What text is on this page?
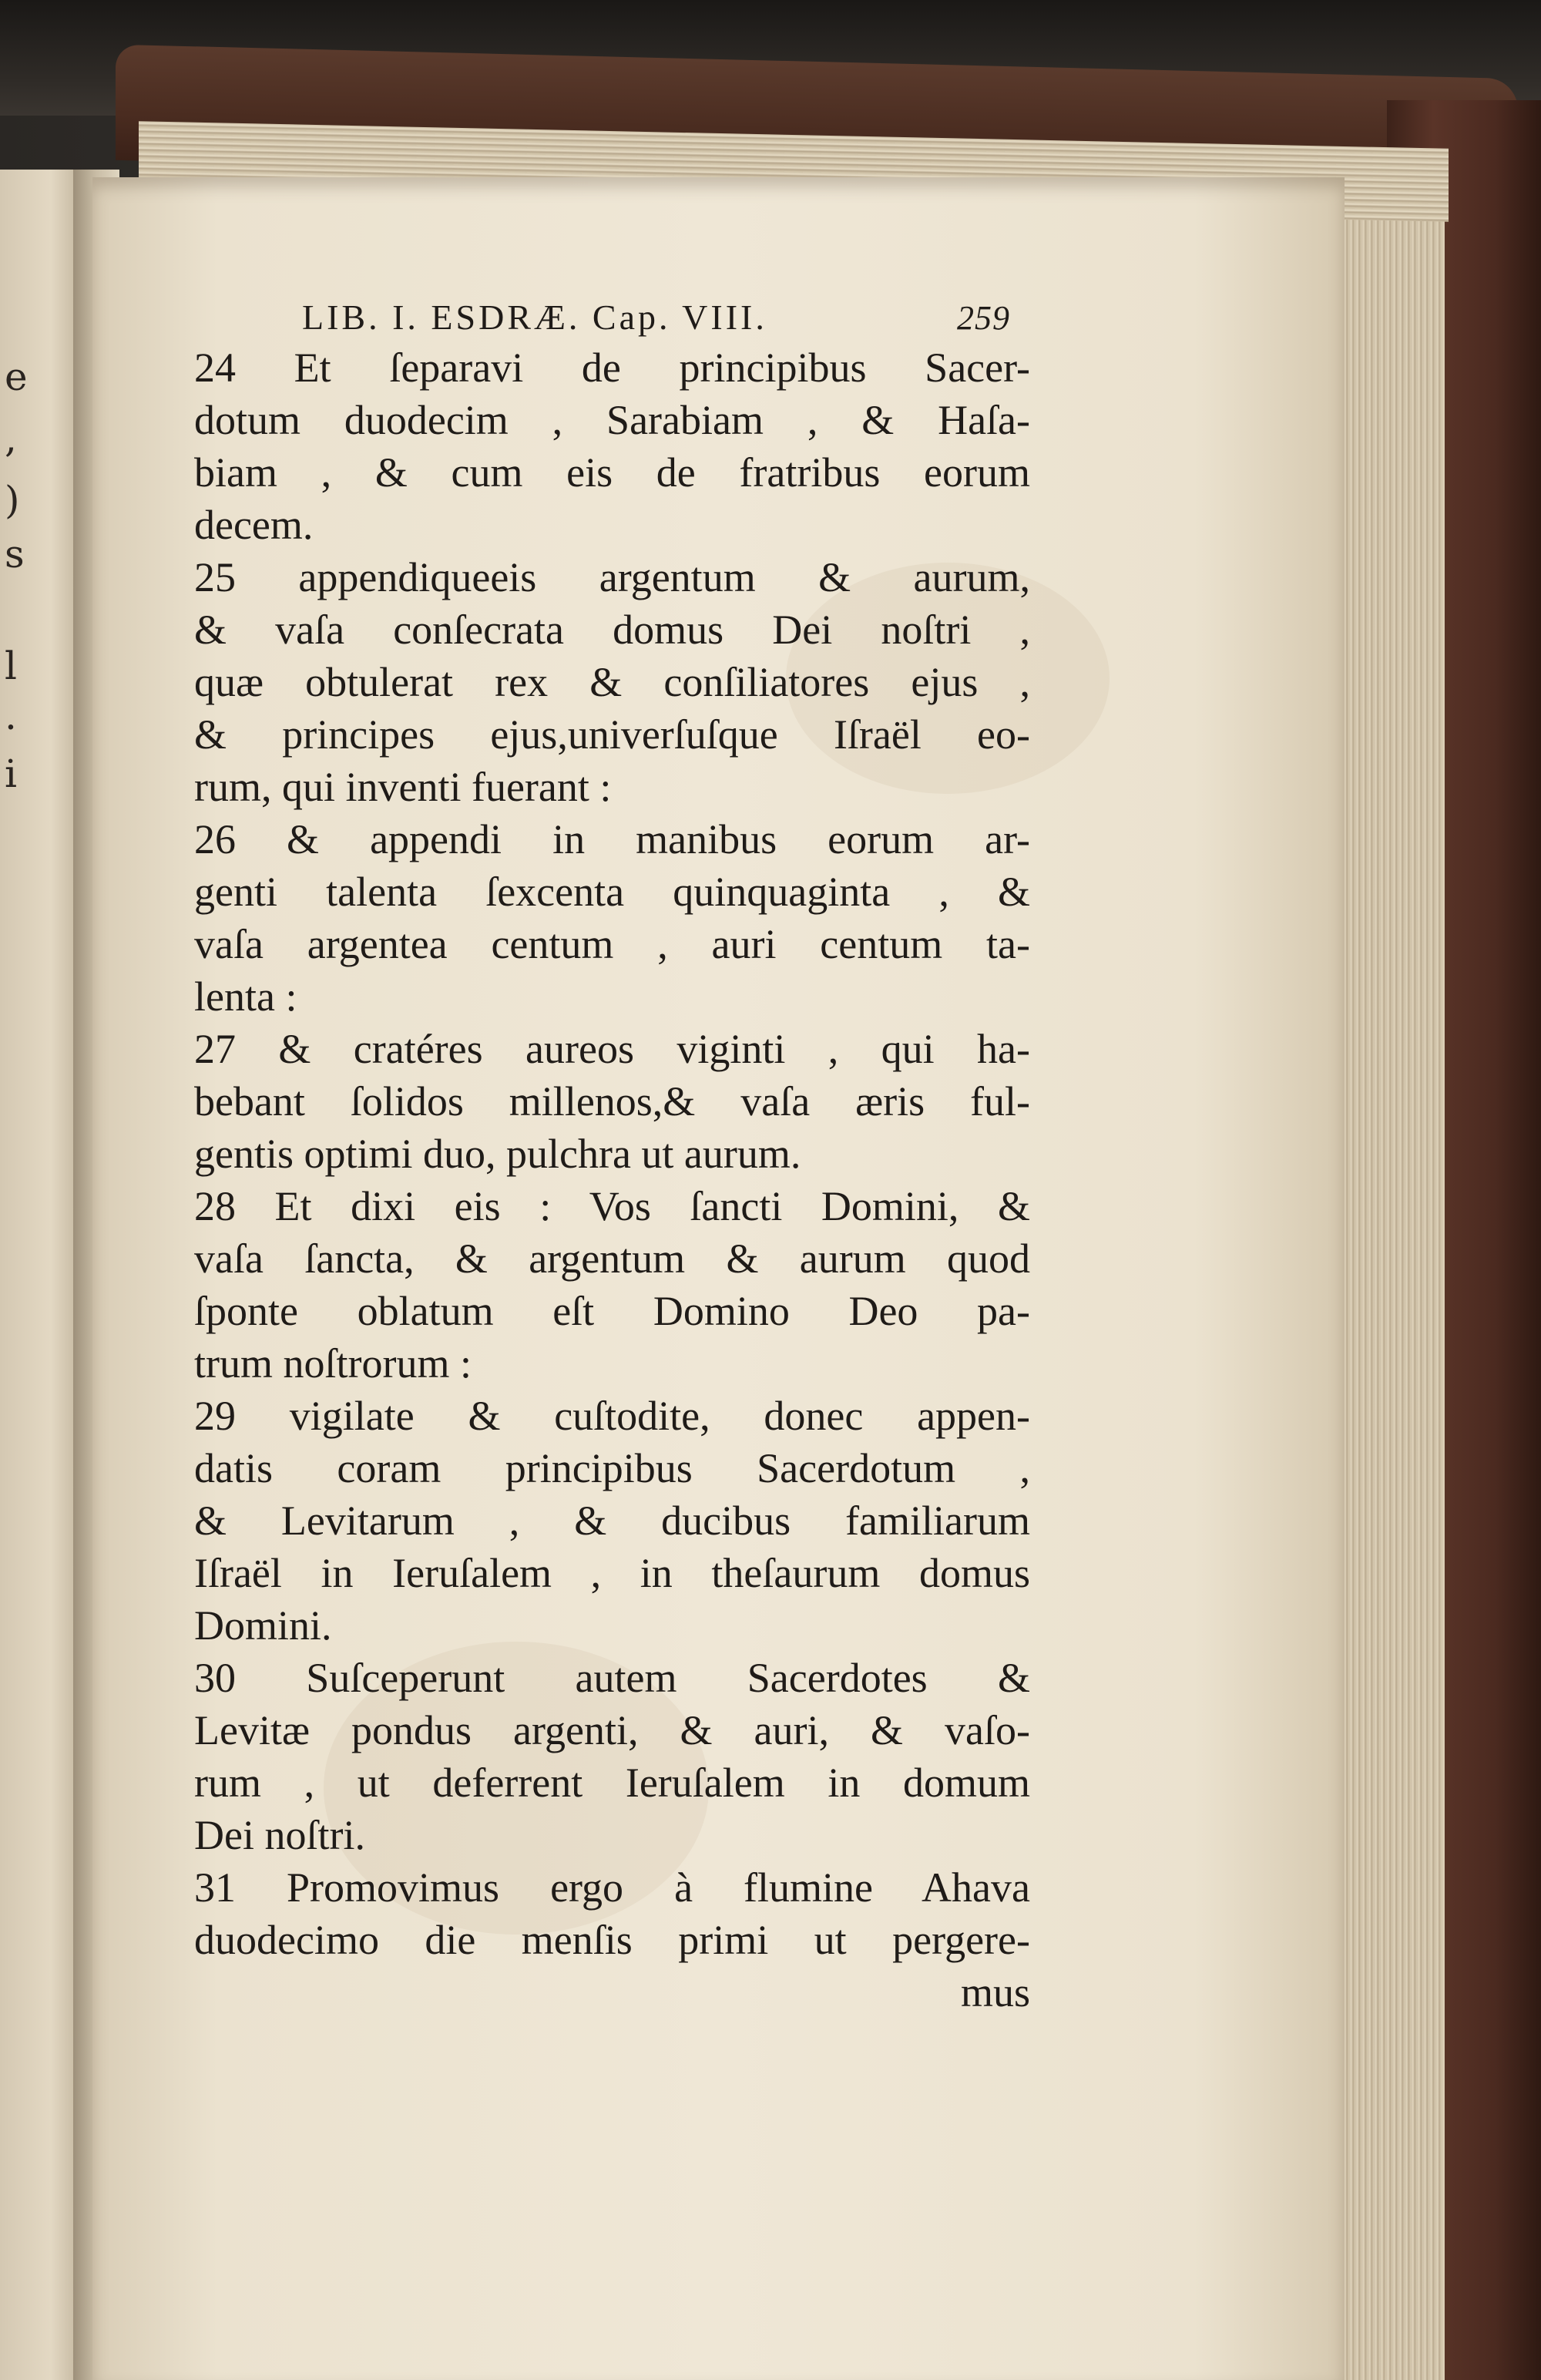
e
,
)
s
l
.
i
LIB. I. ESDRÆ. Cap. VIII.	259
24 Et ſeparavi de principibus Sacer-
dotum duodecim , Sarabiam , & Haſa-
biam , & cum eis de fratribus eorum
decem.
25 appendiqueeis argentum & aurum,
& vaſa conſecrata domus Dei noſtri ,
quæ obtulerat rex & conſiliatores ejus ,
& principes ejus,univerſuſque Iſraël eo-
rum, qui inventi fuerant :
26 & appendi in manibus eorum ar-
genti talenta ſexcenta quinquaginta , &
vaſa argentea centum , auri centum ta-
lenta :
27 & cratéres aureos viginti , qui ha-
bebant ſolidos millenos,& vaſa æris ful-
gentis optimi duo, pulchra ut aurum.
28 Et dixi eis : Vos ſancti Domini, &
vaſa ſancta, & argentum & aurum quod
ſponte oblatum eſt Domino Deo pa-
trum noſtrorum :
29 vigilate & cuſtodite, donec appen-
datis coram principibus Sacerdotum ,
& Levitarum , & ducibus familiarum
Iſraël in Ieruſalem , in theſaurum domus
Domini.
30 Suſceperunt autem Sacerdotes &
Levitæ pondus argenti, & auri, & vaſo-
rum , ut deferrent Ieruſalem in domum
Dei noſtri.
31 Promovimus ergo à flumine Ahava
duodecimo die menſis primi ut pergere-
mus
